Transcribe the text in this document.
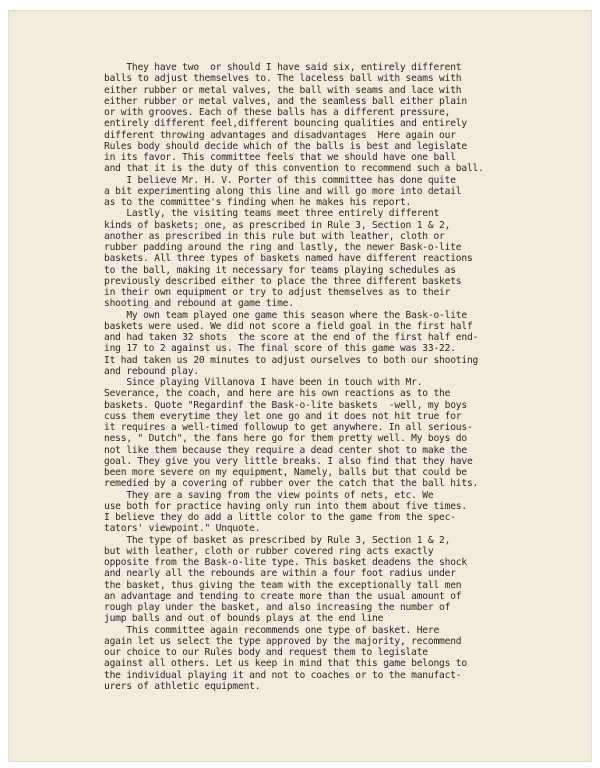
They have two  or should I have said six, entirely different
balls to adjust themselves to. The laceless ball with seams with
either rubber or metal valves, the ball with seams and lace with
either rubber or metal valves, and the seamless ball either plain
or with grooves. Each of these balls has a different pressure,
entirely different feel,different bouncing qualities and entirely
different throwing advantages and disadvantages  Here again our
Rules body should decide which of the balls is best and legislate
in its favor. This committee feels that we should have one ball
and that it is the duty of this convention to recommend such a ball.
I believe Mr. H. V. Porter of this committee has done quite
a bit experimenting along this line and will go more into detail
as to the committee's finding when he makes his report.
Lastly, the visiting teams meet three entirely different
kinds of baskets; one, as prescribed in Rule 3, Section 1 & 2,
another as prescribed in this rule but with leather, cloth or
rubber padding around the ring and lastly, the newer Bask-o-lite
baskets. All three types of baskets named have different reactions
to the ball, making it necessary for teams playing schedules as
previously described either to place the three different baskets
in their own equipment or try to adjust themselves as to their
shooting and rebound at game time.
My own team played one game this season where the Bask-o-lite
baskets were used. We did not score a field goal in the first half
and had taken 32 shots  the score at the end of the first half end-
ing 17 to 2 against us. The final score of this game was 33-22.
It had taken us 20 minutes to adjust ourselves to both our shooting
and rebound play.
Since playing Villanova I have been in touch with Mr.
Severance, the coach, and here are his own reactions as to the
baskets. Quote "Regardinf the Bask-o-lite baskets  -well, my boys
cuss them everytime they let one go and it does not hit true for
it requires a well-timed followup to get anywhere. In all serious-
ness, " Dutch", the fans here go for them pretty well. My boys do
not like them because they require a dead center shot to make the
goal. They give you very little breaks. I also find that they have
been more severe on my equipment, Namely, balls but that could be
remedied by a covering of rubber over the catch that the ball hits.
They are a saving from the view points of nets, etc. We
use both for practice having only run into them about five times.
I believe they do add a little color to the game from the spec-
tators' viewpoint." Unquote.
The type of basket as prescribed by Rule 3, Section 1 & 2,
but with leather, cloth or rubber covered ring acts exactly
opposite from the Bask-o-lite type. This basket deadens the shock
and nearly all the rebounds are within a four foot radius under
the basket, thus giving the team with the exceptionally tall men
an advantage and tending to create more than the usual amount of
rough play under the basket, and also increasing the number of
jump balls and out of bounds plays at the end line
This committee again recommends one type of basket. Here
again let us select the type approved by the majority, recommend
our choice to our Rules body and request them to legislate
against all others. Let us keep in mind that this game belongs to
the individual playing it and not to coaches or to the manufact-
urers of athletic equipment.
